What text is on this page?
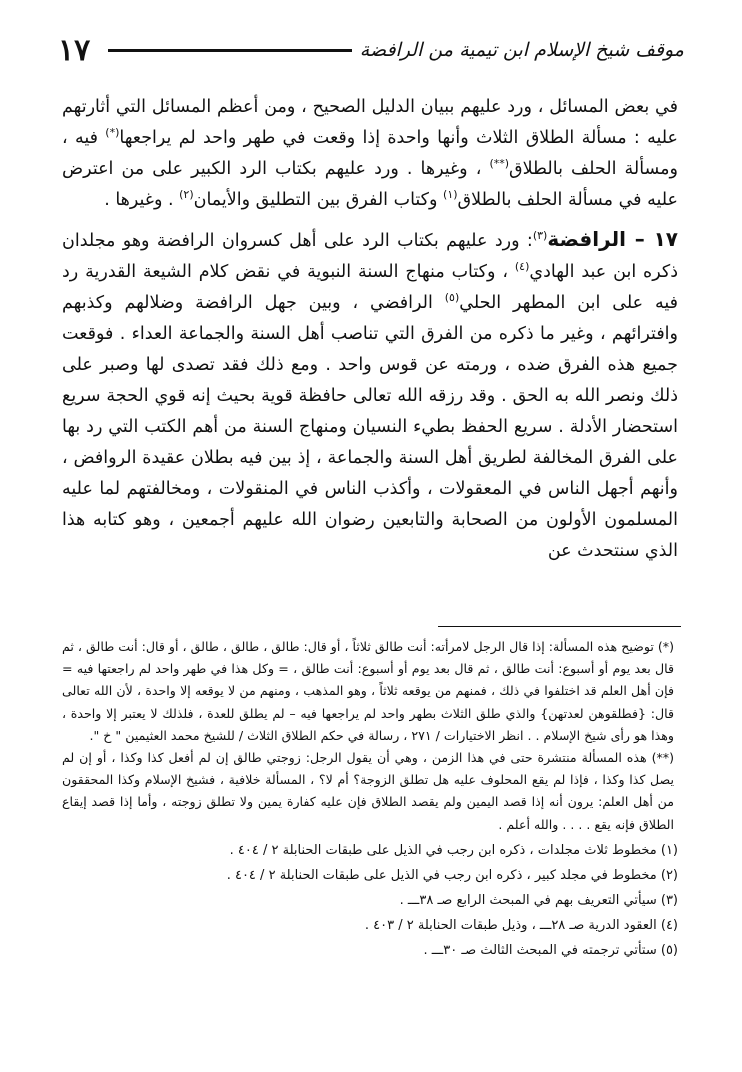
١٧	موقف شيخ الإسلام ابن تيمية من الرافضة

في بعض المسائل ، ورد عليهم ببيان الدليل الصحيح ، ومن أعظم المسائل التي أثارتهم عليه : مسألة الطلاق الثلاث وأنها واحدة إذا وقعت في طهر واحد لم يراجعها(*) فيه ، ومسألة الحلف بالطلاق(**) ، وغيرها . ورد عليهم بكتاب الرد الكبير على من اعترض عليه في مسألة الحلف بالطلاق$^{(١)}$ وكتاب الفرق بين التطليق والأيمان$^{(٢)}$ . وغيرها .

١٧ – الرافضة$^{(٣)}$: ورد عليهم بكتاب الرد على أهل كسروان الرافضة وهو مجلدان ذكره ابن عبد الهادي$^{(٤)}$ ، وكتاب منهاج السنة النبوية في نقض كلام الشيعة القدرية رد فيه على ابن المطهر الحلي$^{(٥)}$ الرافضي ، وبين جهل الرافضة وضلالهم وكذبهم وافترائهم ، وغير ما ذكره من الفرق التي تناصب أهل السنة والجماعة العداء . فوقعت جميع هذه الفرق ضده ، ورمته عن قوس واحد . ومع ذلك فقد تصدى لها وصبر على ذلك ونصر الله به الحق . وقد رزقه الله تعالى حافظة قوية بحيث إنه قوي الحجة سريع استحضار الأدلة . سريع الحفظ بطيء النسيان ومنهاج السنة من أهم الكتب التي رد بها على الفرق المخالفة لطريق أهل السنة والجماعة ، إذ بين فيه بطلان عقيدة الروافض ، وأنهم أجهل الناس في المعقولات ، وأكذب الناس في المنقولات ، ومخالفتهم لما عليه المسلمون الأولون من الصحابة والتابعين رضوان الله عليهم أجمعين ، وهو كتابه هذا الذي سنتحدث عن

(*) توضيح هذه المسألة: إذا قال الرجل لامرأته: أنت طالق ثلاثاً ، أو قال: طالق ، طالق ، طالق ، أو قال: أنت طالق ، ثم قال بعد يوم أو أسبوع: أنت طالق ، ثم قال بعد يوم أو أسبوع: أنت طالق ، = وكل هذا في طهر واحد لم راجعتها فيه = فإن أهل العلم قد اختلفوا في ذلك ، فمنهم من يوقعه ثلاثاً ، وهو المذهب ، ومنهم من لا يوقعه إلا واحدة ، لأن الله تعالى قال: {فطلقوهن لعدتهن} والذي طلق الثلاث بطهر واحد لم يراجعها فيه – لم يطلق للعدة ، فلذلك لا يعتبر إلا واحدة ، وهذا هو رأى شيخ الإسلام . . انظر الاختيارات / ٢٧١ ، رسالة في حكم الطلاق الثلاث / للشيخ محمد العثيمين " خ ".

(**) هذه المسألة منتشرة حتى في هذا الزمن ، وهي أن يقول الرجل: زوجتي طالق إن لم أفعل كذا وكذا ، أو إن لم يصل كذا وكذا ، فإذا لم يقع المحلوف عليه هل تطلق الزوجة؟ أم لا؟ ، المسألة خلافية ، فشيخ الإسلام وكذا المحققون من أهل العلم: يرون أنه إذا قصد اليمين ولم يقصد الطلاق فإن عليه كفارة يمين ولا تطلق زوجته ، وأما إذا قصد إيقاع الطلاق فإنه يقع . . . . والله أعلم .

(١) مخطوط ثلاث مجلدات ، ذكره ابن رجب في الذيل على طبقات الحنابلة ٢ / ٤٠٤ .

(٢) مخطوط في مجلد كبير ، ذكره ابن رجب في الذيل على طبقات الحنابلة ٢ / ٤٠٤ .

(٣) سيأتي التعريف بهم في المبحث الرابع صـ ٣٨ـــ .

(٤) العقود الدرية صـ ٢٨ـــ ، وذيل طبقات الحنابلة ٢ / ٤٠٣ .

(٥) ستأتي ترجمته في المبحث الثالث صـ ٣٠ـــ .
